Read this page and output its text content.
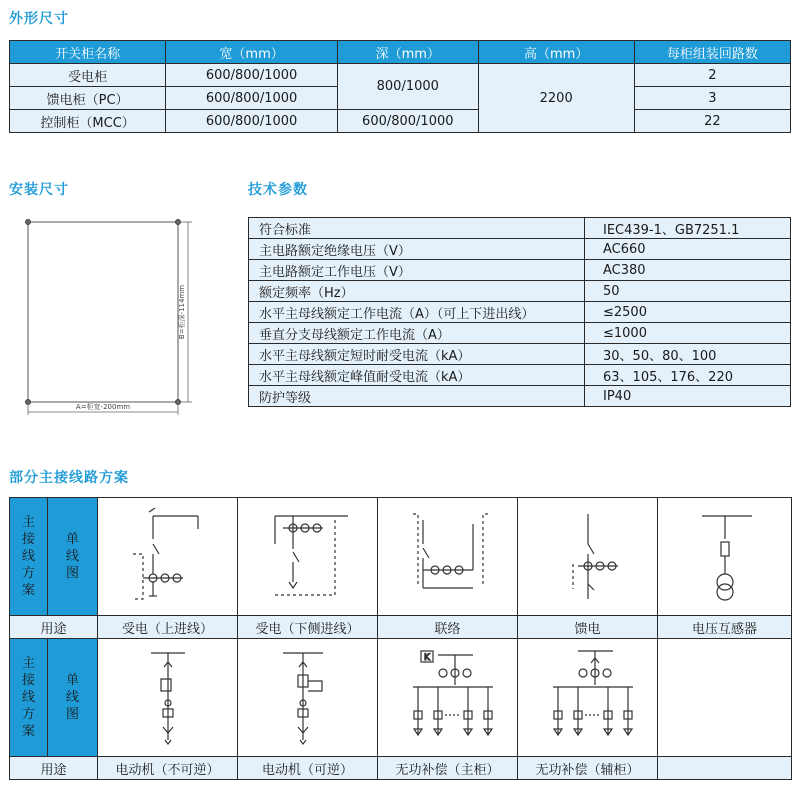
外形尺寸
安装尺寸	技术参数
部分主接线路方案
开关柜名称	宽（mm）	深（mm）	高（mm）	每柜组装回路数
受电柜	600/800/1000	800/1000	2200	2
馈电柜（PC）	600/800/1000			3
控制柜（MCC）	600/800/1000	600/800/1000		22
A=柜宽-200mm
B=柜深-114mm
符合标准	IEC439-1、GB7251.1
主电路额定绝缘电压（V）	AC660
主电路额定工作电压（V）	AC380
额定频率（Hz）	50
水平主母线额定工作电流（A）（可上下进出线）	≤2500
垂直分支母线额定工作电流（A）	≤1000
水平主母线额定短时耐受电流（kA）	30、50、80、100
水平主母线额定峰值耐受电流（kA）	63、105、176、220
防护等级	IP40
主接线方案	单线图

用途		受电（上进线）	受电（下侧进线）	联络	馈电	电压互感器

主接线方案	单线图			K

用途		电动机（不可逆）	电动机（可逆）	无功补偿（主柜）	无功补偿（辅柜）	
